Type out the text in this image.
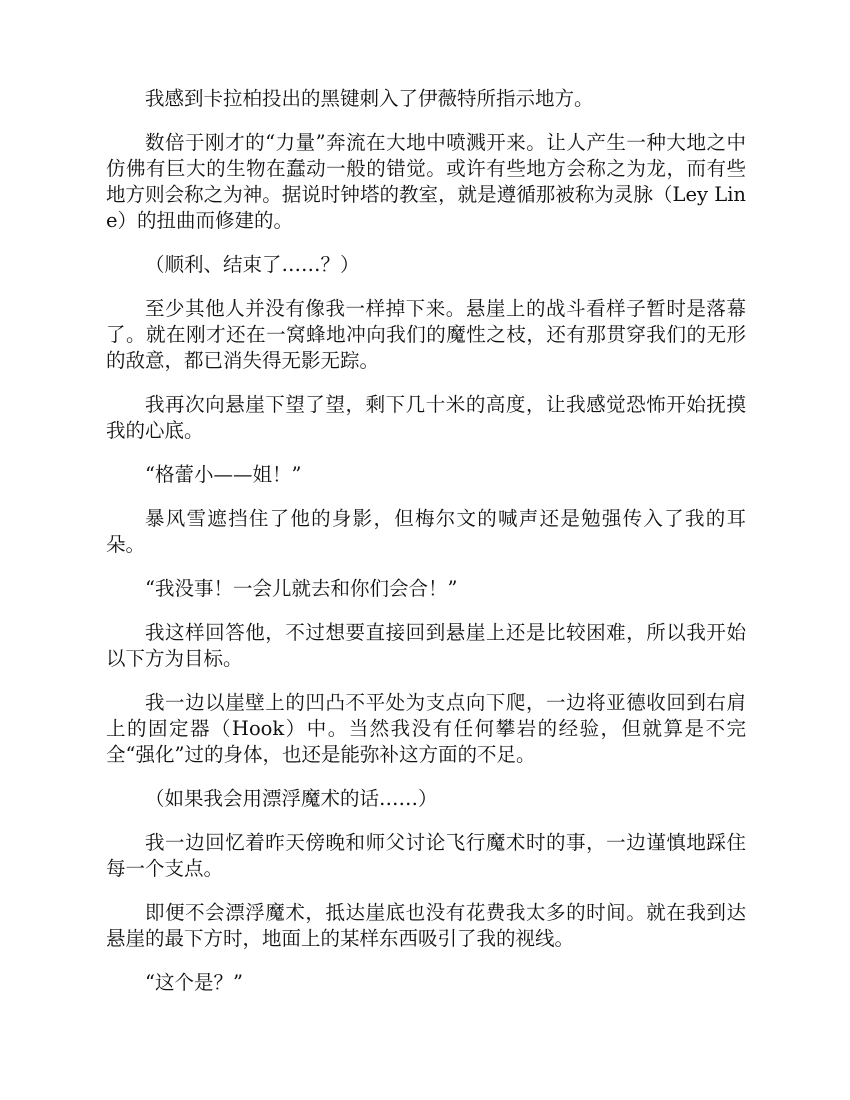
我感到卡拉柏投出的黑键刺入了伊薇特所指示地方。

数倍于刚才的“力量”奔流在大地中喷溅开来。让人产生一种大地之中仿佛有巨大的生物在蠢动一般的错觉。或许有些地方会称之为龙，而有些地方则会称之为神。据说时钟塔的教室，就是遵循那被称为灵脉（Ley Line）的扭曲而修建的。

（顺利、结束了……？）

至少其他人并没有像我一样掉下来。悬崖上的战斗看样子暂时是落幕了。就在刚才还在一窝蜂地冲向我们的魔性之枝，还有那贯穿我们的无形的敌意，都已消失得无影无踪。

我再次向悬崖下望了望，剩下几十米的高度，让我感觉恐怖开始抚摸我的心底。

“格蕾小——姐！”

暴风雪遮挡住了他的身影，但梅尔文的喊声还是勉强传入了我的耳朵。

“我没事！一会儿就去和你们会合！”

我这样回答他，不过想要直接回到悬崖上还是比较困难，所以我开始以下方为目标。

我一边以崖壁上的凹凸不平处为支点向下爬，一边将亚德收回到右肩上的固定器（Hook）中。当然我没有任何攀岩的经验，但就算是不完全“强化”过的身体，也还是能弥补这方面的不足。

（如果我会用漂浮魔术的话……）

我一边回忆着昨天傍晚和师父讨论飞行魔术时的事，一边谨慎地踩住每一个支点。

即便不会漂浮魔术，抵达崖底也没有花费我太多的时间。就在我到达悬崖的最下方时，地面上的某样东西吸引了我的视线。

“这个是？”
